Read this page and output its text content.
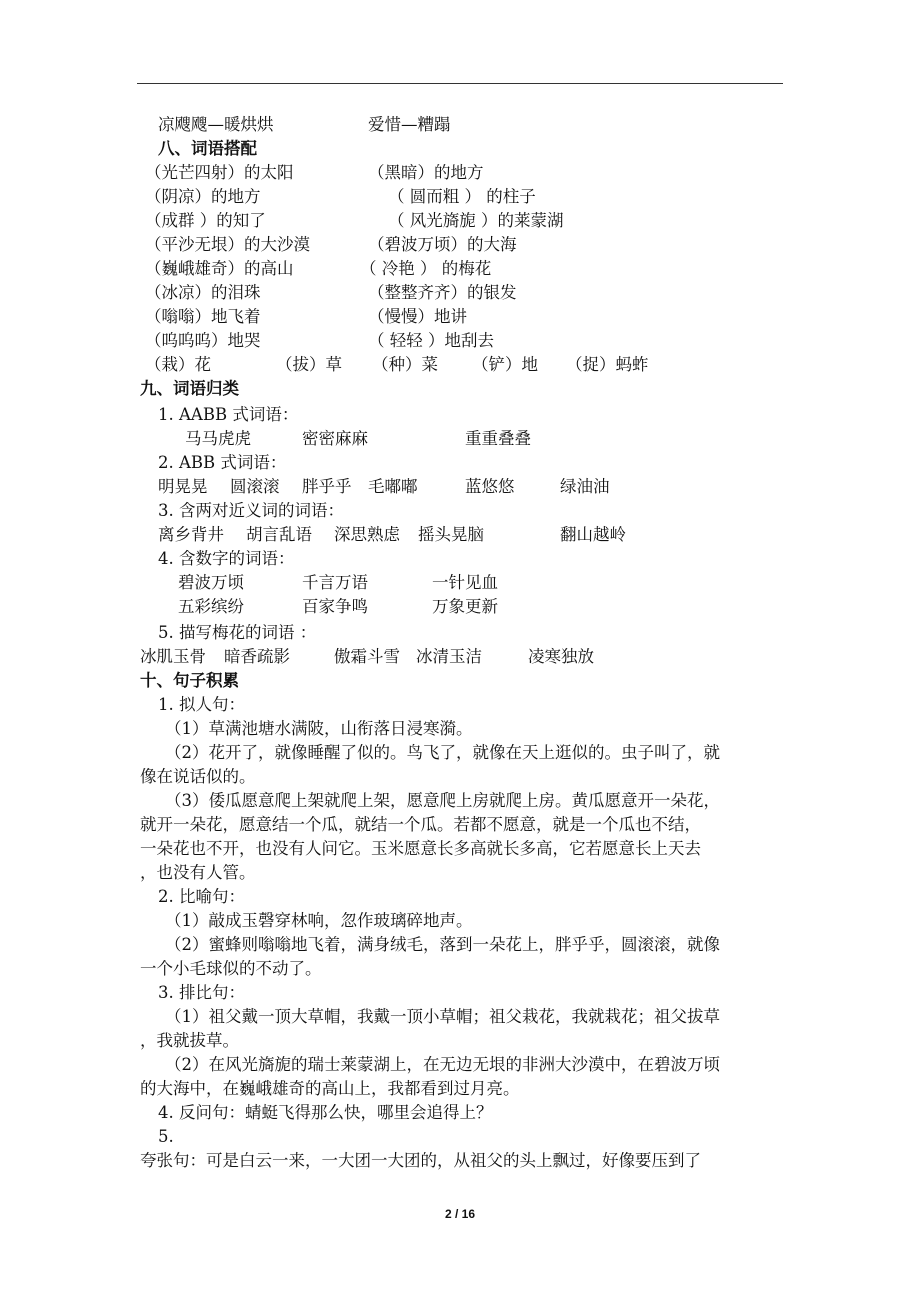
凉飕飕—暖烘烘	爱惜—糟蹋
八、词语搭配
（光芒四射）的太阳	（黑暗）的地方
（阴凉）的地方	（ 圆而粗 ） 的柱子
（成群 ）的知了	（ 风光旖旎 ）的莱蒙湖
（平沙无垠）的大沙漠	（碧波万顷）的大海
（巍峨雄奇）的高山	（ 冷艳 ） 的梅花
（冰凉）的泪珠	（整整齐齐）的银发
（嗡嗡）地飞着	（慢慢）地讲
（呜呜呜）地哭	（ 轻轻 ）地刮去
（栽）花	（拔）草 （种）菜 （铲）地 （捉）蚂蚱
九、词语归类
1. AABB 式词语：
马马虎虎	密密麻麻	重重叠叠
2. ABB 式词语：
明晃晃 圆滚滚 胖乎乎 毛嘟嘟	蓝悠悠	绿油油
3. 含两对近义词的词语：
离乡背井 胡言乱语 深思熟虑 摇头晃脑	翻山越岭
4. 含数字的词语：
碧波万顷	千言万语	一针见血
五彩缤纷	百家争鸣	万象更新
5. 描写梅花的词语 ：
冰肌玉骨 暗香疏影	傲霜斗雪 冰清玉洁	凌寒独放
十、句子积累
1. 拟人句：
（1）草满池塘水满陂，山衔落日浸寒漪。
（2）花开了，就像睡醒了似的。鸟飞了，就像在天上逛似的。虫子叫了，就
像在说话似的。
（3）倭瓜愿意爬上架就爬上架，愿意爬上房就爬上房。黄瓜愿意开一朵花，
就开一朵花，愿意结一个瓜，就结一个瓜。若都不愿意，就是一个瓜也不结，
一朵花也不开，也没有人问它。玉米愿意长多高就长多高，它若愿意长上天去
，也没有人管。
2. 比喻句：
（1）敲成玉磬穿林响，忽作玻璃碎地声。
（2）蜜蜂则嗡嗡地飞着，满身绒毛，落到一朵花上，胖乎乎，圆滚滚，就像
一个小毛球似的不动了。
3. 排比句：
（1）祖父戴一顶大草帽，我戴一顶小草帽；祖父栽花，我就栽花；祖父拔草
，我就拔草。
（2）在风光旖旎的瑞士莱蒙湖上，在无边无垠的非洲大沙漠中，在碧波万顷
的大海中，在巍峨雄奇的高山上，我都看到过月亮。
4. 反问句：蜻蜓飞得那么快，哪里会追得上？
5.
夸张句：可是白云一来，一大团一大团的，从祖父的头上飘过，好像要压到了
2 / 16
